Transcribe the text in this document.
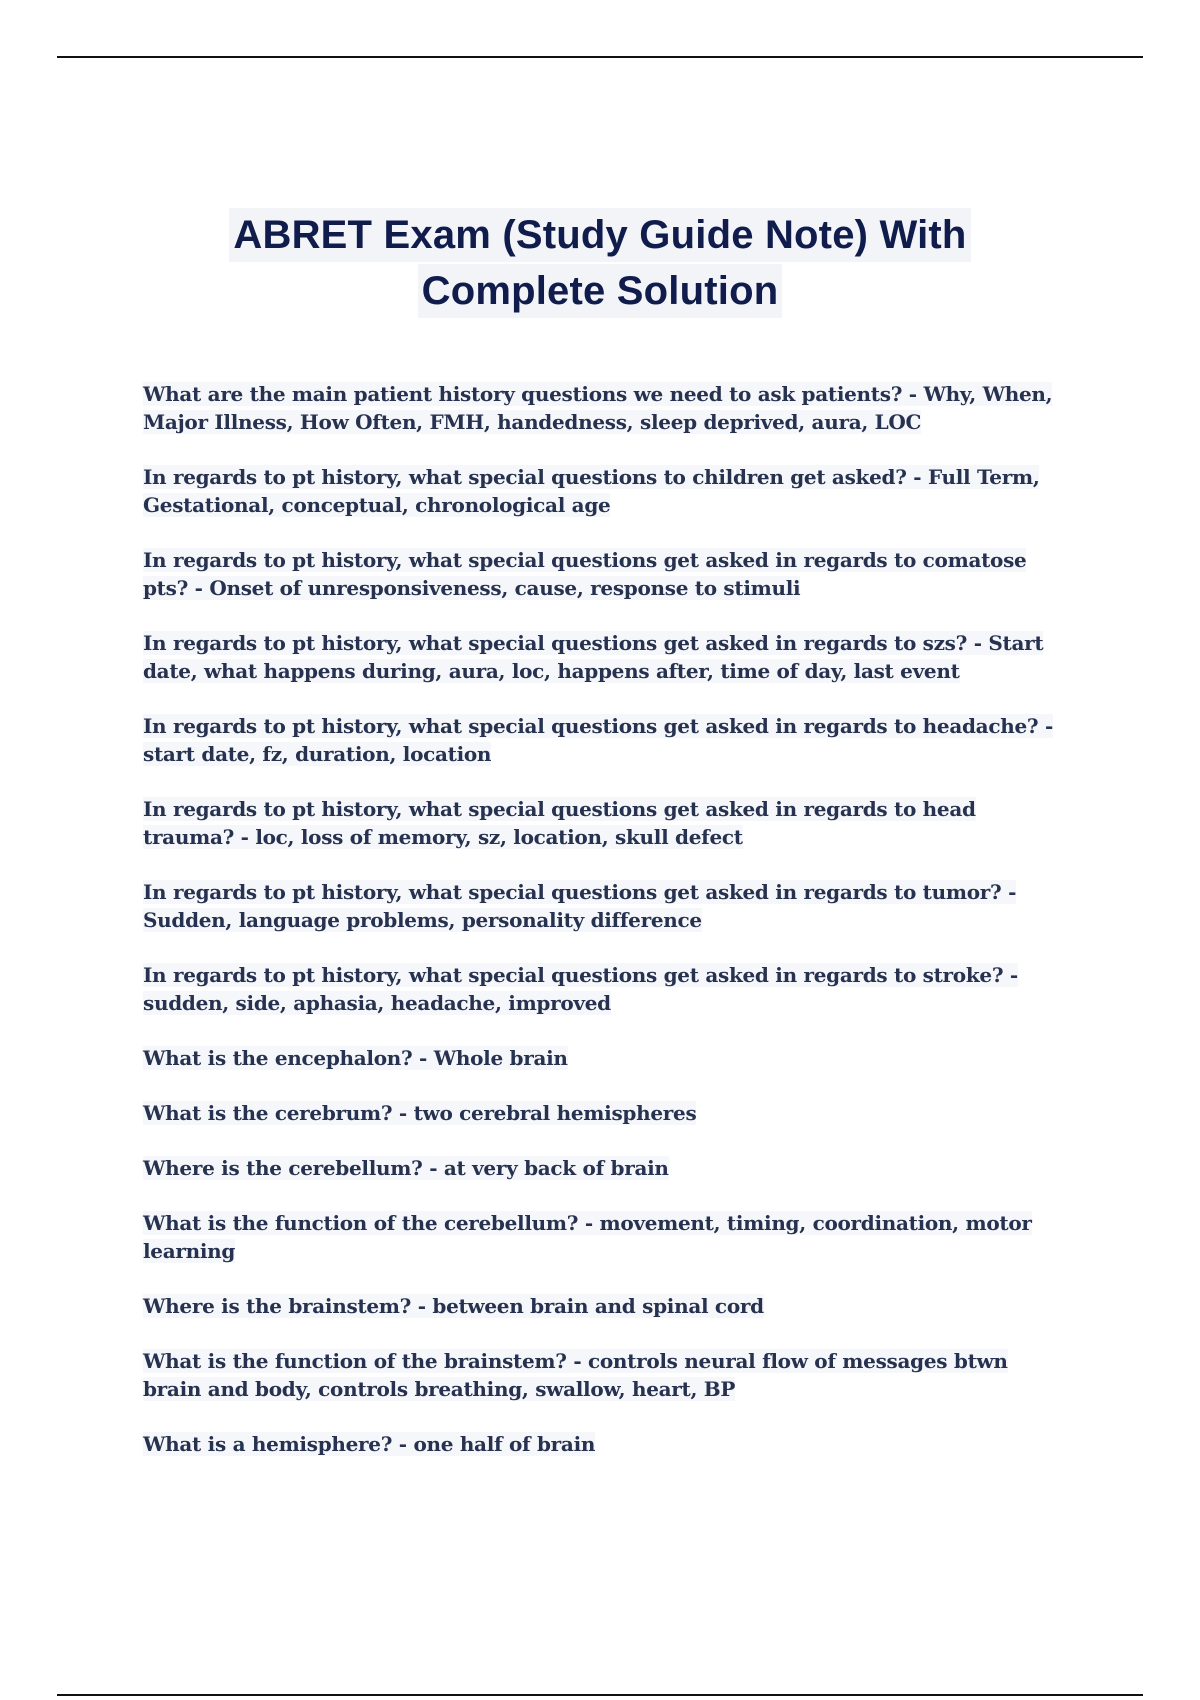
ABRET Exam (Study Guide Note) With
Complete Solution
What are the main patient history questions we need to ask patients? - Why, When, Major Illness, How Often, FMH, handedness, sleep deprived, aura, LOC
In regards to pt history, what special questions to children get asked? - Full Term, Gestational, conceptual, chronological age
In regards to pt history, what special questions get asked in regards to comatose pts? - Onset of unresponsiveness, cause, response to stimuli
In regards to pt history, what special questions get asked in regards to szs? - Start date, what happens during, aura, loc, happens after, time of day, last event
In regards to pt history, what special questions get asked in regards to headache? - start date, fz, duration, location
In regards to pt history, what special questions get asked in regards to head trauma? - loc, loss of memory, sz, location, skull defect
In regards to pt history, what special questions get asked in regards to tumor? - Sudden, language problems, personality difference
In regards to pt history, what special questions get asked in regards to stroke? - sudden, side, aphasia, headache, improved
What is the encephalon? - Whole brain
What is the cerebrum? - two cerebral hemispheres
Where is the cerebellum? - at very back of brain
What is the function of the cerebellum? - movement, timing, coordination, motor learning
Where is the brainstem? - between brain and spinal cord
What is the function of the brainstem? - controls neural flow of messages btwn brain and body, controls breathing, swallow, heart, BP
What is a hemisphere? - one half of brain
